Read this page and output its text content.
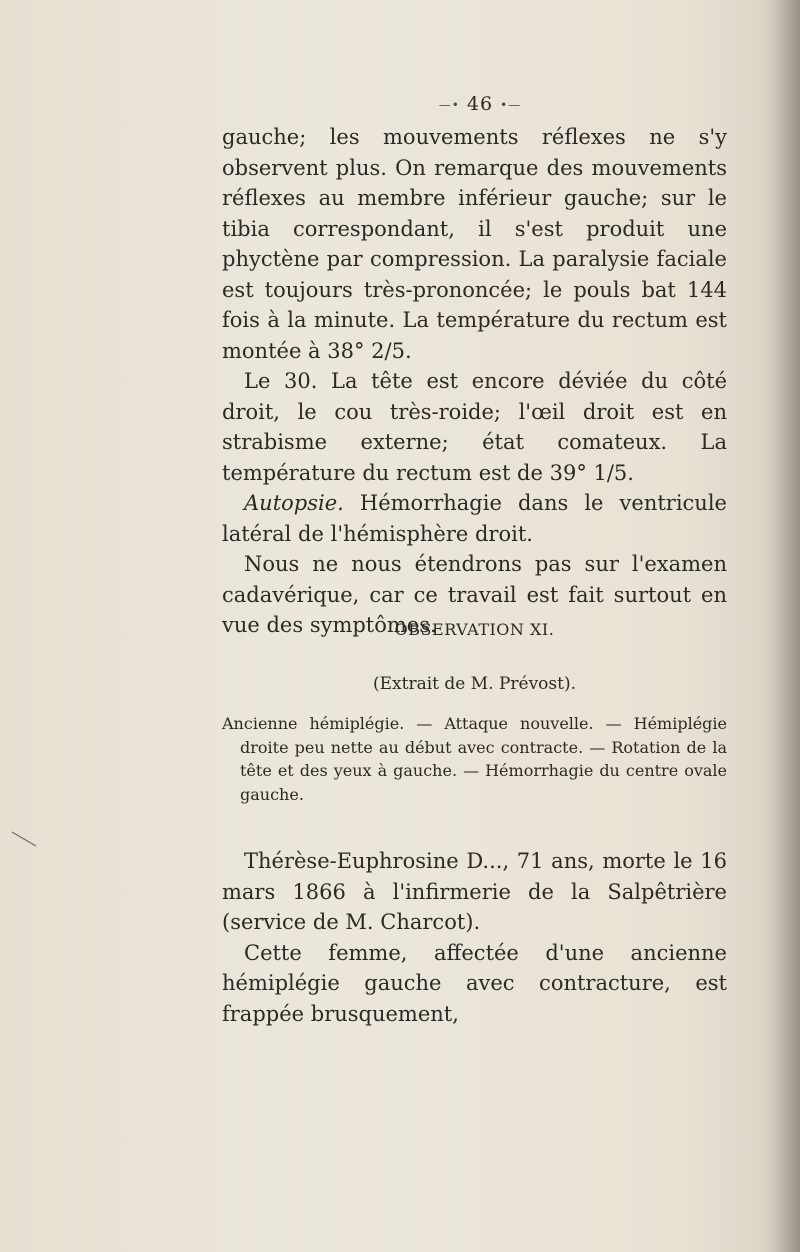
—• 46 •—

gauche; les mouvements réflexes ne s'y observent plus. On remarque des mouvements réflexes au membre inférieur gauche; sur le tibia correspondant, il s'est produit une phyctène par compression. La paralysie faciale est toujours très-prononcée; le pouls bat 144 fois à la minute. La température du rectum est montée à 38° 2/5.

Le 30. La tête est encore déviée du côté droit, le cou très-roide; l'œil droit est en strabisme externe; état comateux. La température du rectum est de 39° 1/5.

Autopsie. Hémorrhagie dans le ventricule latéral de l'hémisphère droit.

Nous ne nous étendrons pas sur l'examen cadavérique, car ce travail est fait surtout en vue des symptômes.

OBSERVATION XI.
(Extrait de M. Prévost).

Ancienne hémiplégie. — Attaque nouvelle. — Hémiplégie droite peu nette au début avec contracte. — Rotation de la tête et des yeux à gauche. — Hémorrhagie du centre ovale gauche.

Thérèse-Euphrosine D..., 71 ans, morte le 16 mars 1866 à l'infirmerie de la Salpêtrière (service de M. Charcot).

Cette femme, affectée d'une ancienne hémiplégie gauche avec contracture, est frappée brusquement,
